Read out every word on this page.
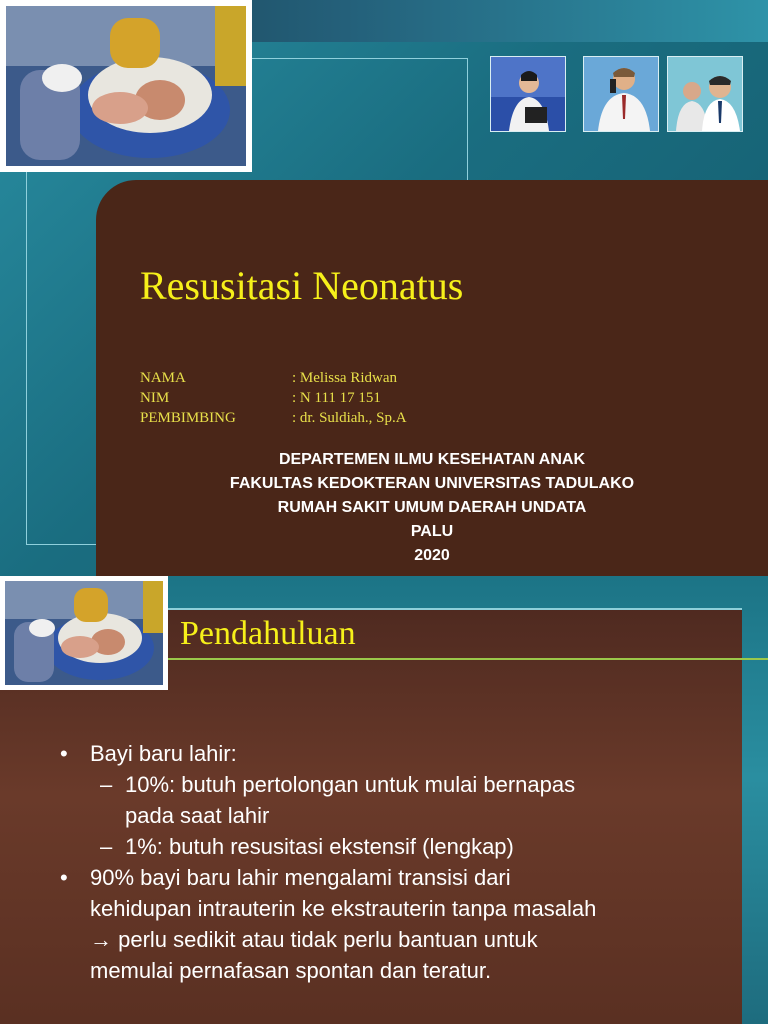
Resusitasi Neonatus
NAMA	: Melissa Ridwan
NIM	: N 111 17 151
PEMBIMBING	: dr. Suldiah., Sp.A
DEPARTEMEN ILMU KESEHATAN ANAK
FAKULTAS KEDOKTERAN UNIVERSITAS TADULAKO
RUMAH SAKIT UMUM DAERAH UNDATA
PALU
2020
Pendahuluan
• Bayi baru lahir:
– 10%: butuh pertolongan untuk mulai bernapas
pada saat lahir
– 1%: butuh resusitasi ekstensif (lengkap)
• 90% bayi baru lahir mengalami transisi dari
kehidupan intrauterin ke ekstrauterin tanpa masalah
→ perlu sedikit atau tidak perlu bantuan untuk
memulai pernafasan spontan dan teratur.
